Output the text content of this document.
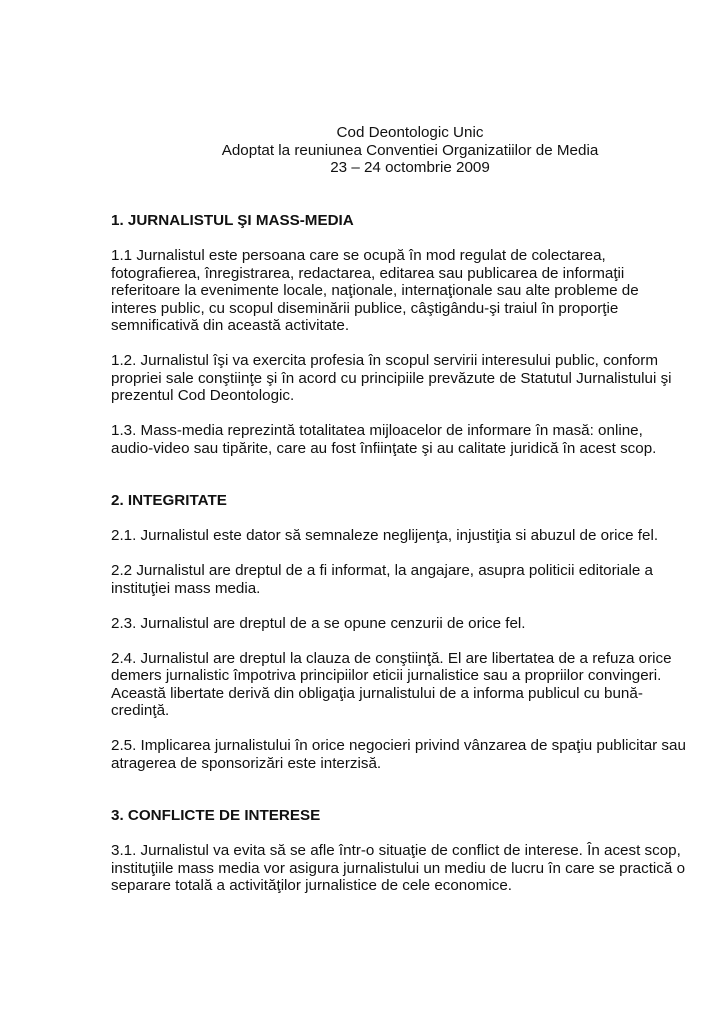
Cod Deontologic Unic
Adoptat la reuniunea Conventiei Organizatiilor de Media
23 – 24 octombrie 2009
1. JURNALISTUL ŞI MASS-MEDIA
1.1 Jurnalistul este persoana care se ocupă în mod regulat de colectarea,
fotografierea, înregistrarea, redactarea, editarea sau publicarea de informaţii
referitoare la evenimente locale, naţionale, internaţionale sau alte probleme de
interes public, cu scopul diseminării publice, câştigându-şi traiul în proporţie
semnificativă din această activitate.
1.2. Jurnalistul îşi va exercita profesia în scopul servirii interesului public, conform
propriei sale conştiinţe şi în acord cu principiile prevăzute de Statutul Jurnalistului şi
prezentul Cod Deontologic.
1.3. Mass-media reprezintă totalitatea mijloacelor de informare în masă: online,
audio-video sau tipărite, care au fost înfiinţate şi au calitate juridică în acest scop.
2. INTEGRITATE
2.1. Jurnalistul este dator să semnaleze neglijenţa, injustiţia si abuzul de orice fel.
2.2 Jurnalistul are dreptul de a fi informat, la angajare, asupra politicii editoriale a
instituţiei mass media.
2.3. Jurnalistul are dreptul de a se opune cenzurii de orice fel.
2.4. Jurnalistul are dreptul la clauza de conştiinţă. El are libertatea de a refuza orice
demers jurnalistic împotriva principiilor eticii jurnalistice sau a propriilor convingeri.
Această libertate derivă din obligaţia jurnalistului de a informa publicul cu bună-
credinţă.
2.5. Implicarea jurnalistului în orice negocieri privind vânzarea de spaţiu publicitar sau
atragerea de sponsorizări este interzisă.
3. CONFLICTE DE INTERESE
3.1. Jurnalistul va evita să se afle într-o situaţie de conflict de interese. În acest scop,
instituţiile mass media vor asigura jurnalistului un mediu de lucru în care se practică o
separare totală a activităţilor jurnalistice de cele economice.
